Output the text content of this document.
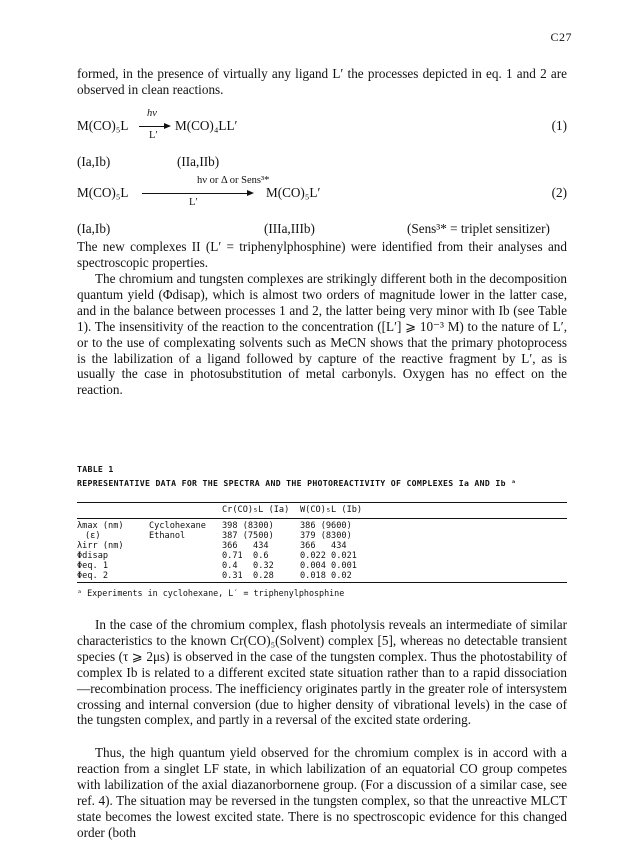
C27

formed, in the presence of virtually any ligand L′ the processes depicted in eq. 1 and 2 are observed in clean reactions.

hν
M(CO)₅L →
L′
M(CO)₄LL′	(1)
(Ia,Ib)	(IIa,IIb)
hν or Δ or Sens³*
M(CO)₅L
L′
M(CO)₅L′	(2)
(Ia,Ib)	(IIIa,IIIb)	(Sens³* = triplet sensitizer)

The new complexes II (L′ = triphenylphosphine) were identified from their analyses and spectroscopic properties.

The chromium and tungsten complexes are strikingly different both in the decomposition quantum yield (Φdisap), which is almost two orders of magnitude lower in the latter case, and in the balance between processes 1 and 2, the latter being very minor with Ib (see Table 1). The insensitivity of the reaction to the concentration ([L′] ⩾ 10⁻³ M) to the nature of L′, or to the use of complexating solvents such as MeCN shows that the primary photoprocess is the labilization of a ligand followed by capture of the reactive fragment by L′, as is usually the case in photosubstitution of metal carbonyls. Oxygen has no effect on the reaction.

TABLE 1
REPRESENTATIVE DATA FOR THE SPECTRA AND THE PHOTOREACTIVITY OF COMPLEXES Ia AND Ib ᵃ
Cr(CO)₅L (Ia) W(CO)₅L (Ib)
λmax (nm)	Cyclohexane 398 (8300)	386 (9600)
(ε)	Ethanol	387 (7500)	379 (8300)
λirr (nm)	366   434	366   434
Φdisap	0.71  0.6	0.022 0.021
Φeq. 1	0.4   0.32	0.004 0.001
Φeq. 2	0.31  0.28	0.018 0.02
ᵃ Experiments in cyclohexane, L′ = triphenylphosphine

In the case of the chromium complex, flash photolysis reveals an intermediate of similar characteristics to the known Cr(CO)₅(Solvent) complex [5], whereas no detectable transient species (τ ⩾ 2μs) is observed in the case of the tungsten complex. Thus the photostability of complex Ib is related to a different excited state situation rather than to a rapid dissociation—recombination process. The inefficiency originates partly in the greater role of intersystem crossing and internal conversion (due to higher density of vibrational levels) in the case of the tungsten complex, and partly in a reversal of the excited state ordering.

Thus, the high quantum yield observed for the chromium complex is in accord with a reaction from a singlet LF state, in which labilization of an equatorial CO group competes with labilization of the axial diazanorbornene group. (For a discussion of a similar case, see ref. 4). The situation may be reversed in the tungsten complex, so that the unreactive MLCT state becomes the lowest excited state. There is no spectroscopic evidence for this changed order (both
